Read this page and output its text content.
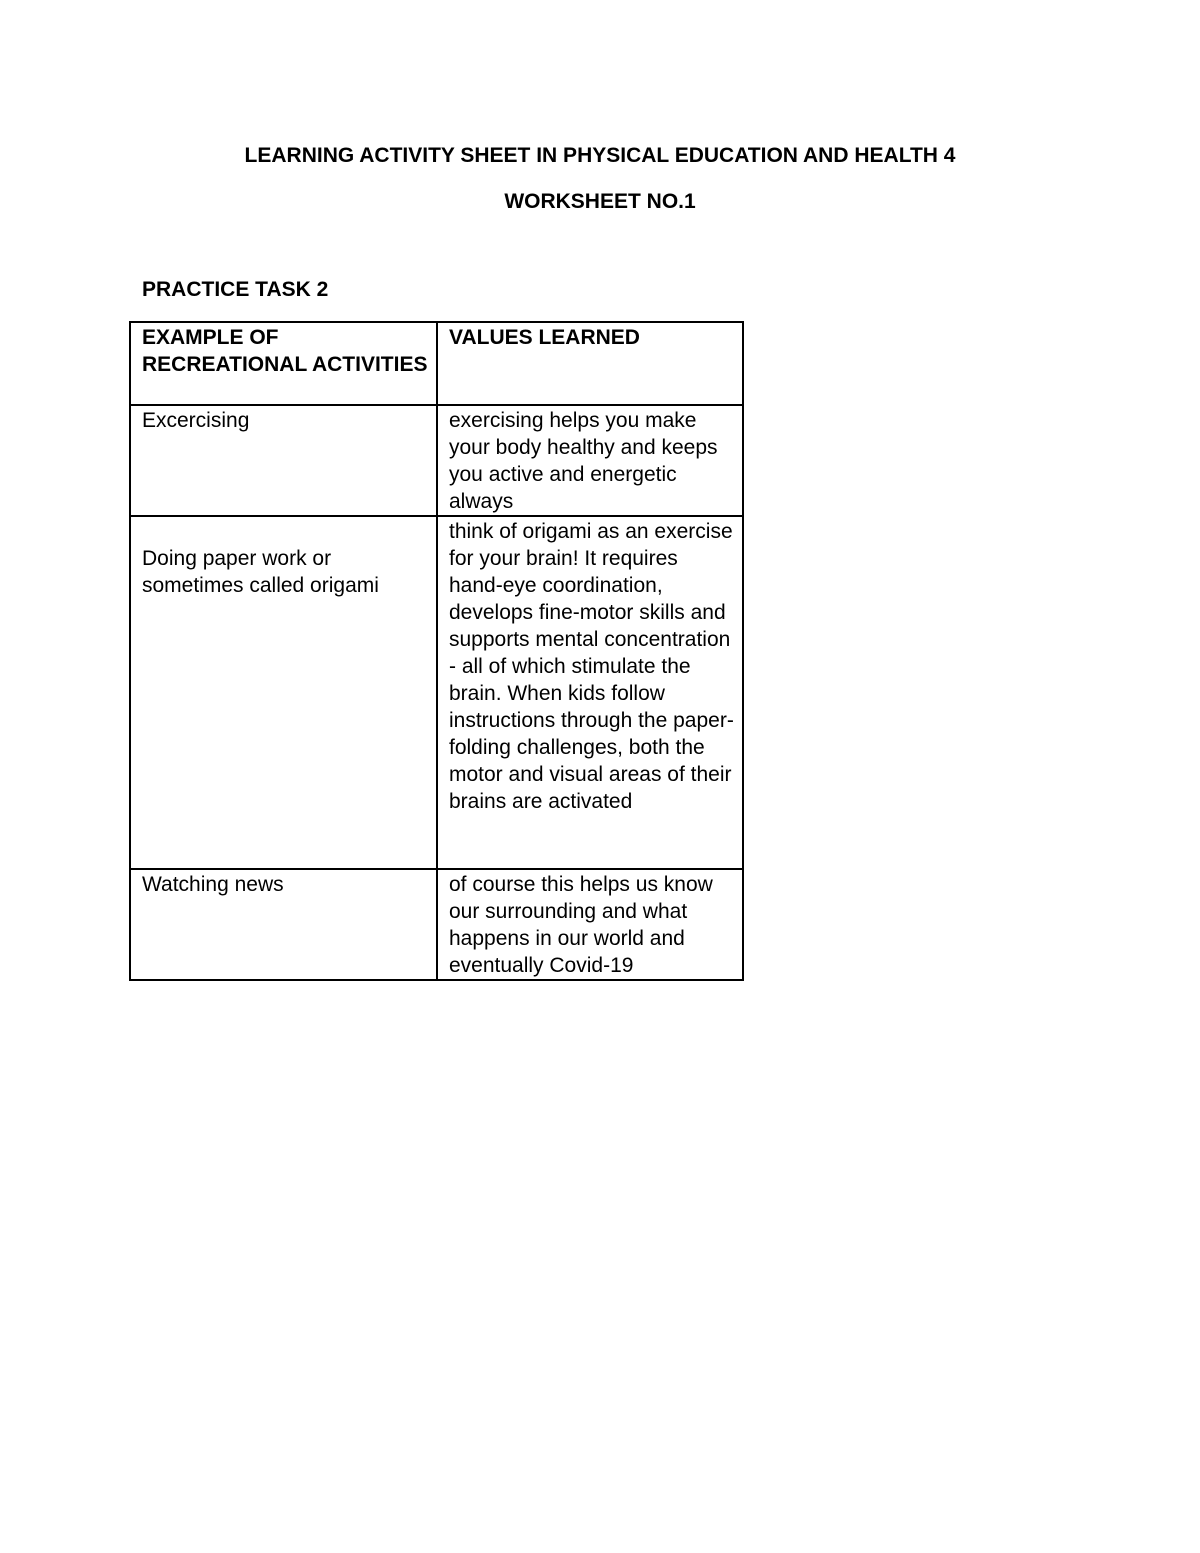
LEARNING ACTIVITY SHEET IN PHYSICAL EDUCATION AND HEALTH 4
WORKSHEET NO.1
PRACTICE TASK 2
EXAMPLE OF RECREATIONAL ACTIVITIES	VALUES LEARNED
Excercising	exercising helps you make your body healthy and keeps you active and energetic always
Doing paper work or sometimes called origami	think of origami as an exercise for your brain! It requires hand-eye coordination, develops fine-motor skills and supports mental concentration - all of which stimulate the brain. When kids follow instructions through the paper-folding challenges, both the motor and visual areas of their brains are activated
Watching news	of course this helps us know our surrounding and what happens in our world and eventually Covid-19
